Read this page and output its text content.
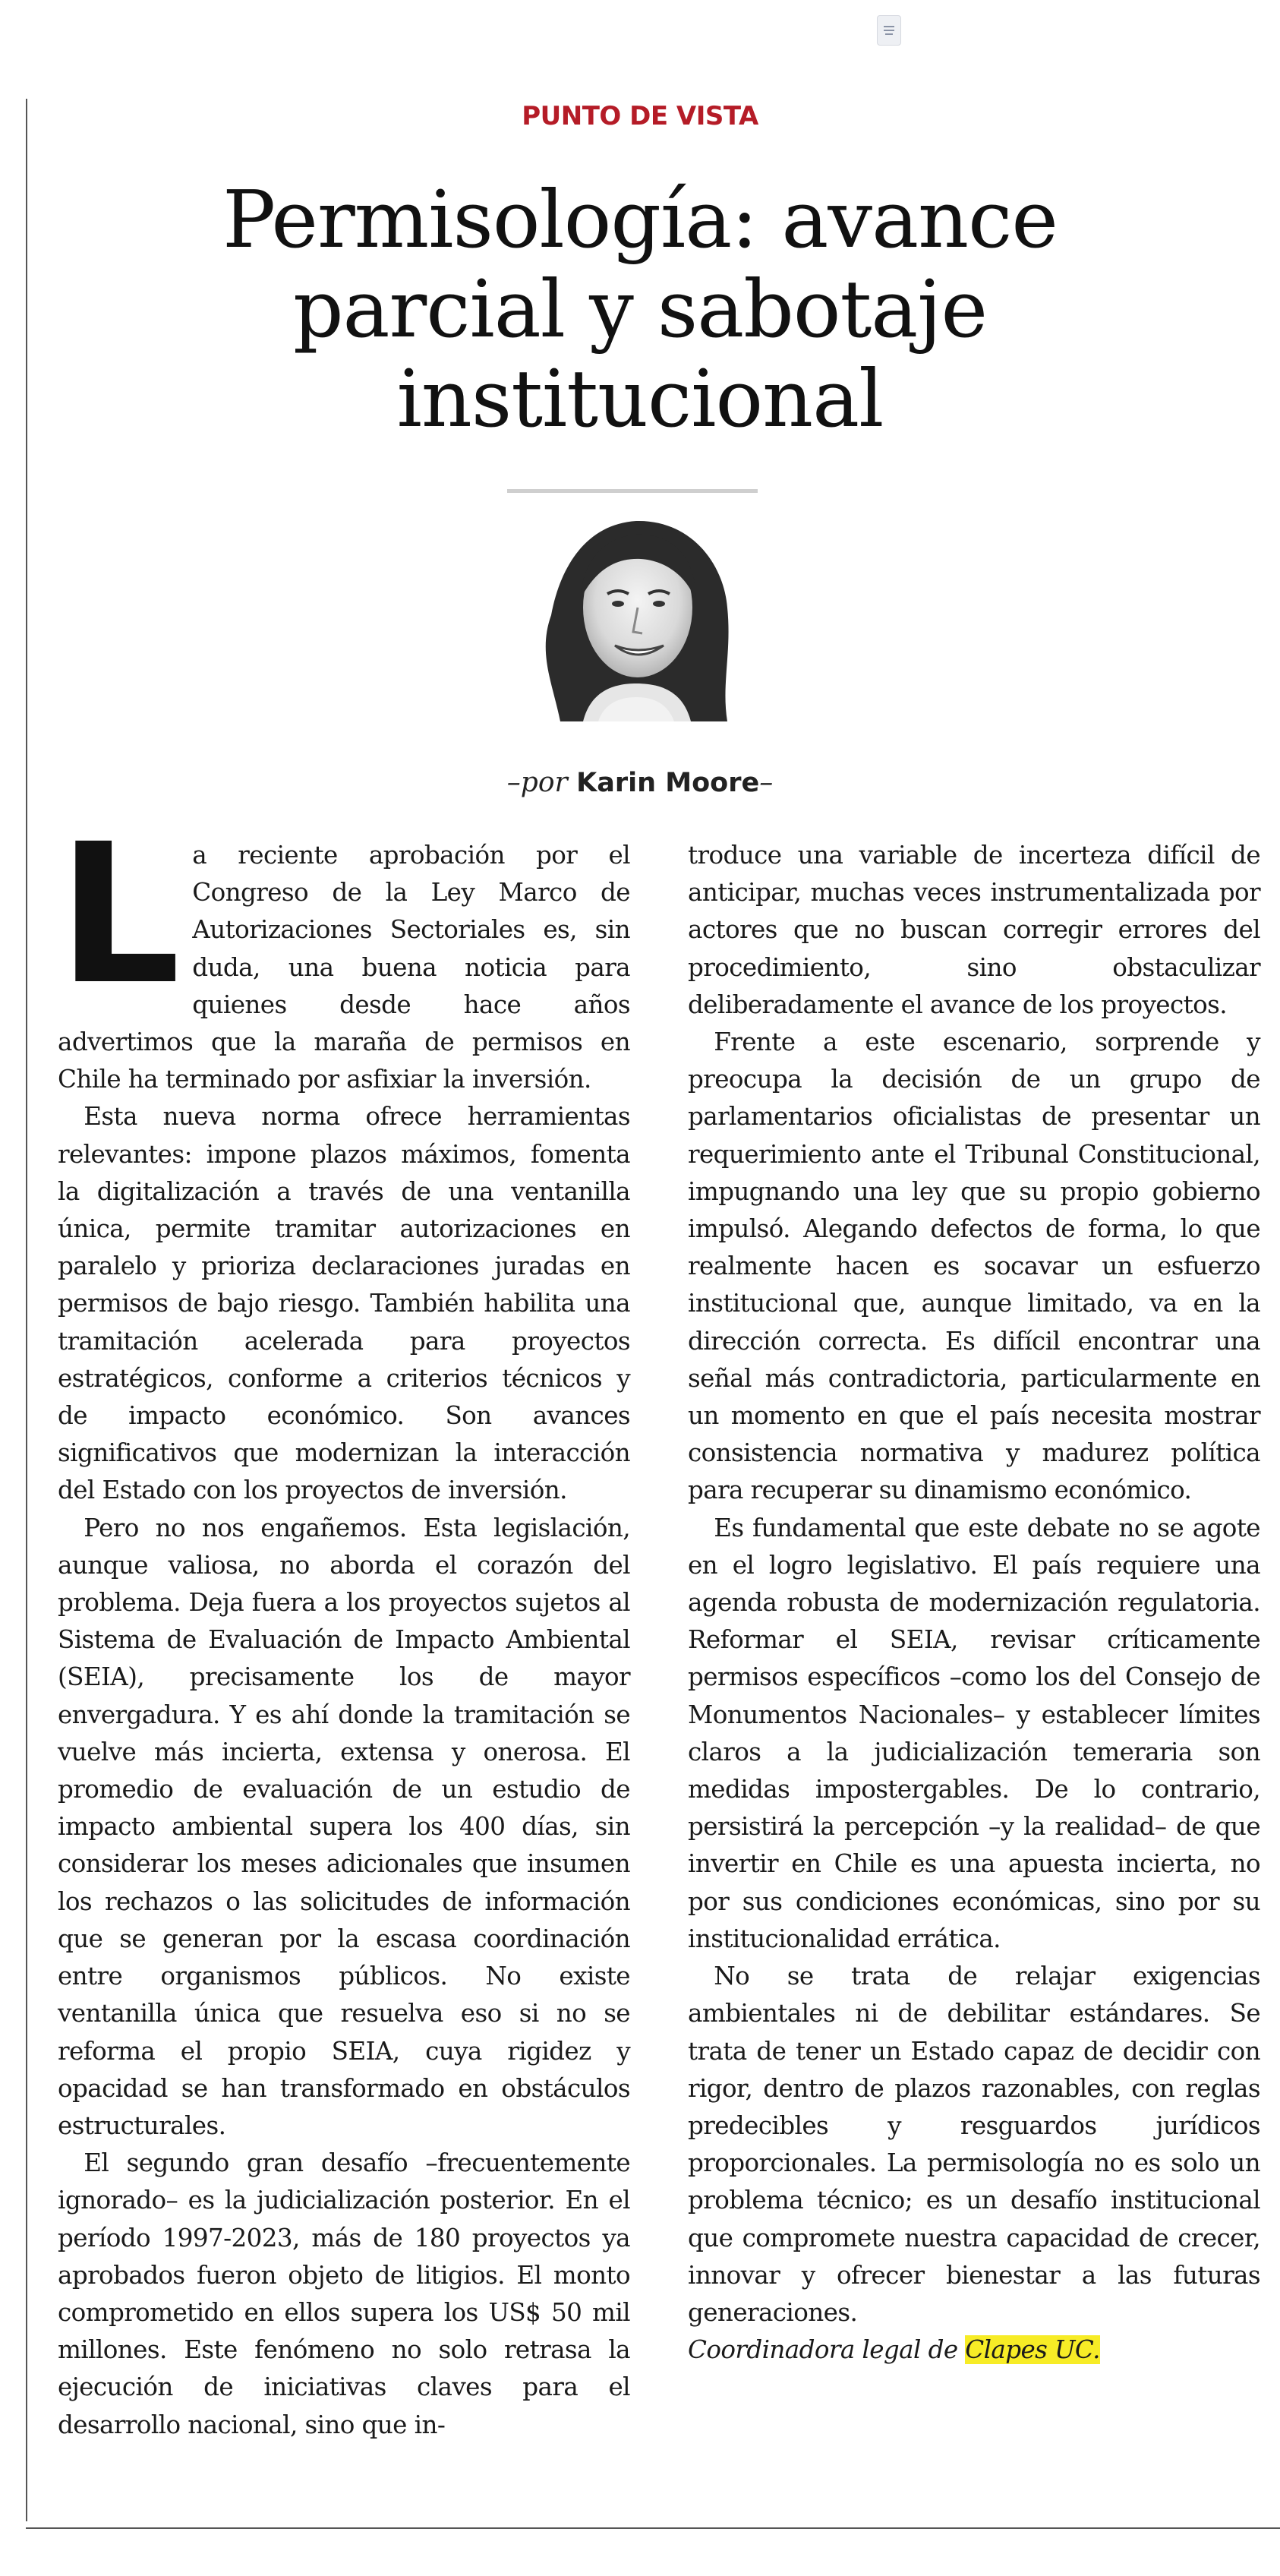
PUNTO DE VISTA
Permisología: avance parcial y sabotaje institucional
–por Karin Moore–

La reciente aprobación por el Congreso de la Ley Marco de Autorizaciones Sectoriales es, sin duda, una buena noticia para quienes desde hace años advertimos que la maraña de permisos en Chile ha terminado por asfixiar la inversión.

Esta nueva norma ofrece herramientas relevantes: impone plazos máximos, fomenta la digitalización a través de una ventanilla única, permite tramitar autorizaciones en paralelo y prioriza declaraciones juradas en permisos de bajo riesgo. También habilita una tramitación acelerada para proyectos estratégicos, conforme a criterios técnicos y de impacto económico. Son avances significativos que modernizan la interacción del Estado con los proyectos de inversión.

Pero no nos engañemos. Esta legislación, aunque valiosa, no aborda el corazón del problema. Deja fuera a los proyectos sujetos al Sistema de Evaluación de Impacto Ambiental (SEIA), precisamente los de mayor envergadura. Y es ahí donde la tramitación se vuelve más incierta, extensa y onerosa. El promedio de evaluación de un estudio de impacto ambiental supera los 400 días, sin considerar los meses adicionales que insumen los rechazos o las solicitudes de información que se generan por la escasa coordinación entre organismos públicos. No existe ventanilla única que resuelva eso si no se reforma el propio SEIA, cuya rigidez y opacidad se han transformado en obstáculos estructurales.

El segundo gran desafío –frecuentemente ignorado– es la judicialización posterior. En el período 1997-2023, más de 180 proyectos ya aprobados fueron objeto de litigios. El monto comprometido en ellos supera los US$ 50 mil millones. Este fenómeno no solo retrasa la ejecución de iniciativas claves para el desarrollo nacional, sino que in-

troduce una variable de incerteza difícil de anticipar, muchas veces instrumentalizada por actores que no buscan corregir errores del procedimiento, sino obstaculizar deliberadamente el avance de los proyectos.

Frente a este escenario, sorprende y preocupa la decisión de un grupo de parlamentarios oficialistas de presentar un requerimiento ante el Tribunal Constitucional, impugnando una ley que su propio gobierno impulsó. Alegando defectos de forma, lo que realmente hacen es socavar un esfuerzo institucional que, aunque limitado, va en la dirección correcta. Es difícil encontrar una señal más contradictoria, particularmente en un momento en que el país necesita mostrar consistencia normativa y madurez política para recuperar su dinamismo económico.

Es fundamental que este debate no se agote en el logro legislativo. El país requiere una agenda robusta de modernización regulatoria. Reformar el SEIA, revisar críticamente permisos específicos –como los del Consejo de Monumentos Nacionales– y establecer límites claros a la judicialización temeraria son medidas impostergables. De lo contrario, persistirá la percepción –y la realidad– de que invertir en Chile es una apuesta incierta, no por sus condiciones económicas, sino por su institucionalidad errática.

No se trata de relajar exigencias ambientales ni de debilitar estándares. Se trata de tener un Estado capaz de decidir con rigor, dentro de plazos razonables, con reglas predecibles y resguardos jurídicos proporcionales. La permisología no es solo un problema técnico; es un desafío institucional que compromete nuestra capacidad de crecer, innovar y ofrecer bienestar a las futuras generaciones.

Coordinadora legal de Clapes UC.
